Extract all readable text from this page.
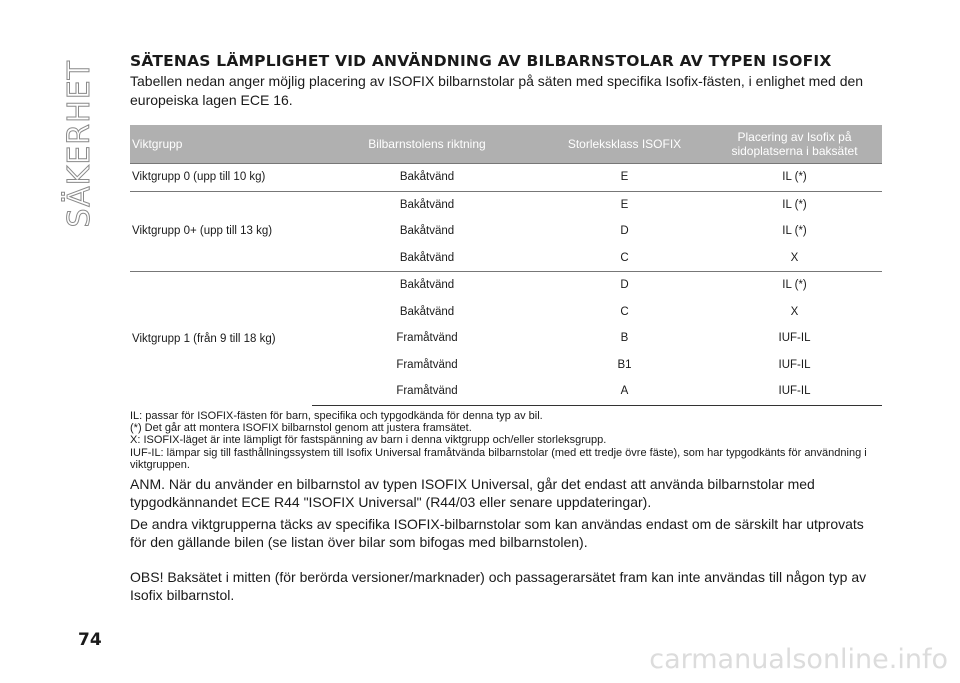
SÄKERHET SÄTENAS LÄMPLIGHET VID ANVÄNDNING AV BILBARNSTOLAR AV TYPEN ISOFIX

Tabellen nedan anger möjlig placering av ISOFIX bilbarnstolar på säten med specifika Isofix-fästen, i enlighet med den europeiska lagen ECE 16.

Viktgrupp	Bilbarnstolens riktning	Storleksklass ISOFIX	Placering av Isofix på sidoplatserna i baksätet
Viktgrupp 0 (upp till 10 kg)	Bakåtvänd	E	IL (*)
Viktgrupp 0+ (upp till 13 kg)	Bakåtvänd	E	IL (*)
	Bakåtvänd	D	IL (*)
	Bakåtvänd	C	X
Viktgrupp 1 (från 9 till 18 kg)	Bakåtvänd	D	IL (*)
	Bakåtvänd	C	X
	Framåtvänd	B	IUF-IL
	Framåtvänd	B1	IUF-IL
	Framåtvänd	A	IUF-IL
IL: passar för ISOFIX-fästen för barn, specifika och typgodkända för denna typ av bil.
(*) Det går att montera ISOFIX bilbarnstol genom att justera framsätet.
X: ISOFIX-läget är inte lämpligt för fastspänning av barn i denna viktgrupp och/eller storleksgrupp.
IUF-IL: lämpar sig till fasthållningssystem till Isofix Universal framåtvända bilbarnstolar (med ett tredje övre fäste), som har typgodkänts för användning i viktgruppen.
ANM. När du använder en bilbarnstol av typen ISOFIX Universal, går det endast att använda bilbarnstolar med typgodkännandet ECE R44 "ISOFIX Universal" (R44/03 eller senare uppdateringar).
De andra viktgrupperna täcks av specifika ISOFIX-bilbarnstolar som kan användas endast om de särskilt har utprovats för den gällande bilen (se listan över bilar som bifogas med bilbarnstolen).
OBS! Baksätet i mitten (för berörda versioner/marknader) och passagerarsätet fram kan inte användas till någon typ av Isofix bilbarnstol.
74
carmanualsonline.info
